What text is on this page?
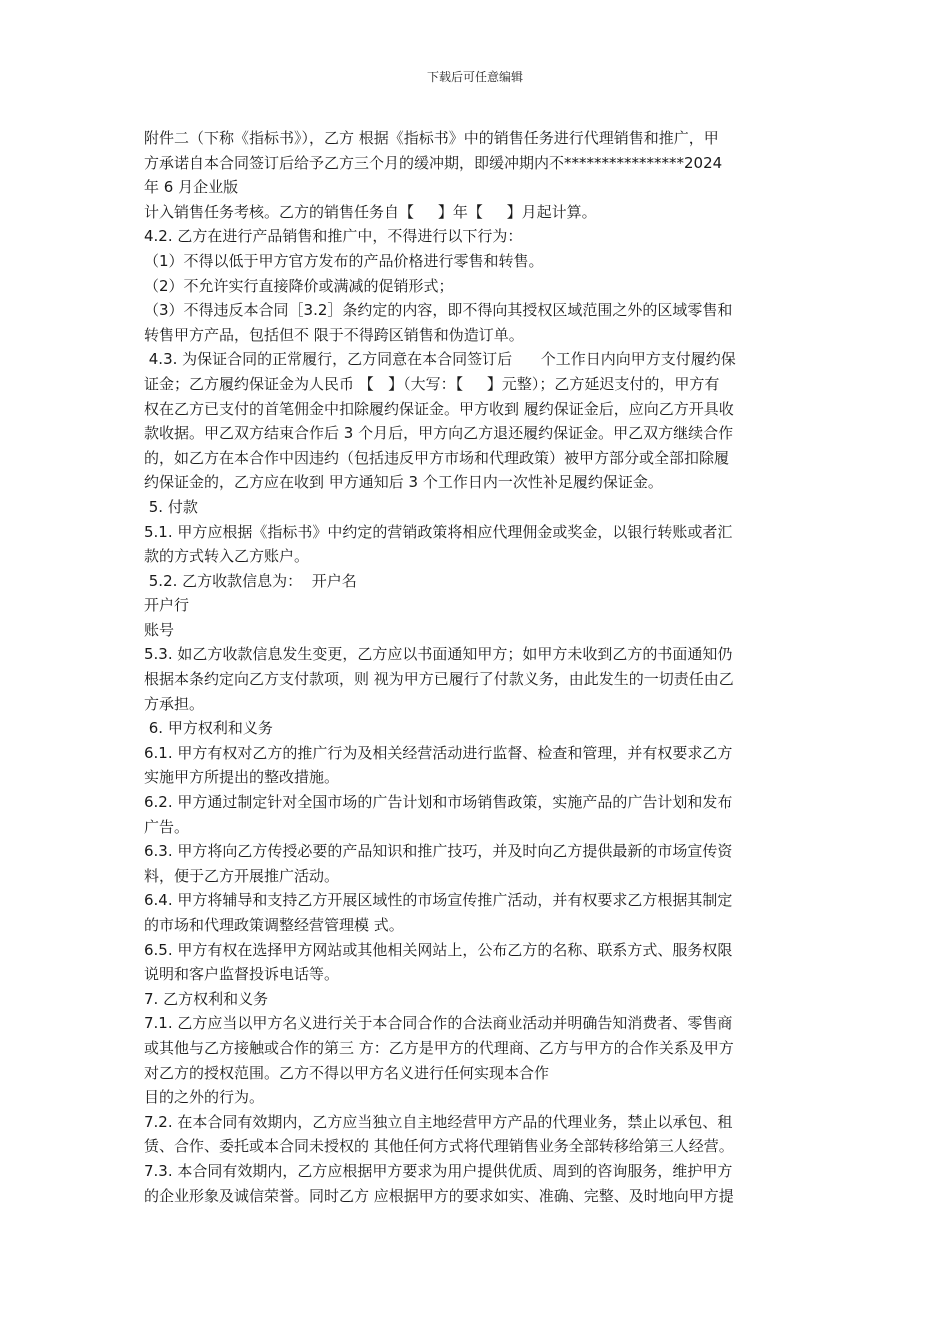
下载后可任意编辑
附件二（下称《指标书》），乙方 根据《指标书》中的销售任务进行代理销售和推广，甲
方承诺自本合同签订后给予乙方三个月的缓冲期，即缓冲期内不****************2024
年 6 月企业版
计入销售任务考核。乙方的销售任务自【     】年【     】月起计算。
4.2. 乙方在进行产品销售和推广中，不得进行以下行为：
（1）不得以低于甲方官方发布的产品价格进行零售和转售。
（2）不允许实行直接降价或满减的促销形式；
（3）不得违反本合同［3.2］条约定的内容，即不得向其授权区域范围之外的区域零售和
转售甲方产品，包括但不 限于不得跨区销售和伪造订单。
4.3. 为保证合同的正常履行，乙方同意在本合同签订后      个工作日内向甲方支付履约保
证金；乙方履约保证金为人民币 【   】（大写：【     】元整）；乙方延迟支付的，甲方有
权在乙方已支付的首笔佣金中扣除履约保证金。甲方收到 履约保证金后，应向乙方开具收
款收据。甲乙双方结束合作后 3 个月后，甲方向乙方退还履约保证金。甲乙双方继续合作
的，如乙方在本合作中因违约（包括违反甲方市场和代理政策）被甲方部分或全部扣除履
约保证金的，乙方应在收到 甲方通知后 3 个工作日内一次性补足履约保证金。
5. 付款
5.1. 甲方应根据《指标书》中约定的营销政策将相应代理佣金或奖金，以银行转账或者汇
款的方式转入乙方账户。
5.2. 乙方收款信息为：  开户名
开户行
账号
5.3. 如乙方收款信息发生变更，乙方应以书面通知甲方；如甲方未收到乙方的书面通知仍
根据本条约定向乙方支付款项，则 视为甲方已履行了付款义务，由此发生的一切责任由乙
方承担。
6. 甲方权利和义务
6.1. 甲方有权对乙方的推广行为及相关经营活动进行监督、检查和管理，并有权要求乙方
实施甲方所提出的整改措施。
6.2. 甲方通过制定针对全国市场的广告计划和市场销售政策，实施产品的广告计划和发布
广告。
6.3. 甲方将向乙方传授必要的产品知识和推广技巧，并及时向乙方提供最新的市场宣传资
料，便于乙方开展推广活动。
6.4. 甲方将辅导和支持乙方开展区域性的市场宣传推广活动，并有权要求乙方根据其制定
的市场和代理政策调整经营管理模 式。
6.5. 甲方有权在选择甲方网站或其他相关网站上，公布乙方的名称、联系方式、服务权限
说明和客户监督投诉电话等。
7. 乙方权利和义务
7.1. 乙方应当以甲方名义进行关于本合同合作的合法商业活动并明确告知消费者、零售商
或其他与乙方接触或合作的第三 方：乙方是甲方的代理商、乙方与甲方的合作关系及甲方
对乙方的授权范围。乙方不得以甲方名义进行任何实现本合作
目的之外的行为。
7.2. 在本合同有效期内，乙方应当独立自主地经营甲方产品的代理业务，禁止以承包、租
赁、合作、委托或本合同未授权的 其他任何方式将代理销售业务全部转移给第三人经营。
7.3. 本合同有效期内，乙方应根据甲方要求为用户提供优质、周到的咨询服务，维护甲方
的企业形象及诚信荣誉。同时乙方 应根据甲方的要求如实、准确、完整、及时地向甲方提
